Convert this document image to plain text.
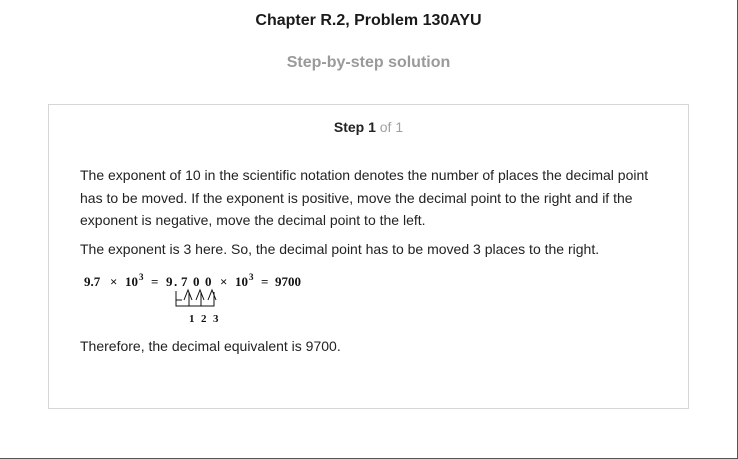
Chapter R.2, Problem 130AYU
Step-by-step solution
Step 1 of 1
The exponent of 10 in the scientific notation denotes the number of places the decimal point has to be moved. If the exponent is positive, move the decimal point to the right and if the exponent is negative, move the decimal point to the left.
The exponent is 3 here. So, the decimal point has to be moved 3 places to the right.
9.7 × 10 3 = 9 . 7 0 0 × 10 3 = 9700
1 2 3
Therefore, the decimal equivalent is 9700.
